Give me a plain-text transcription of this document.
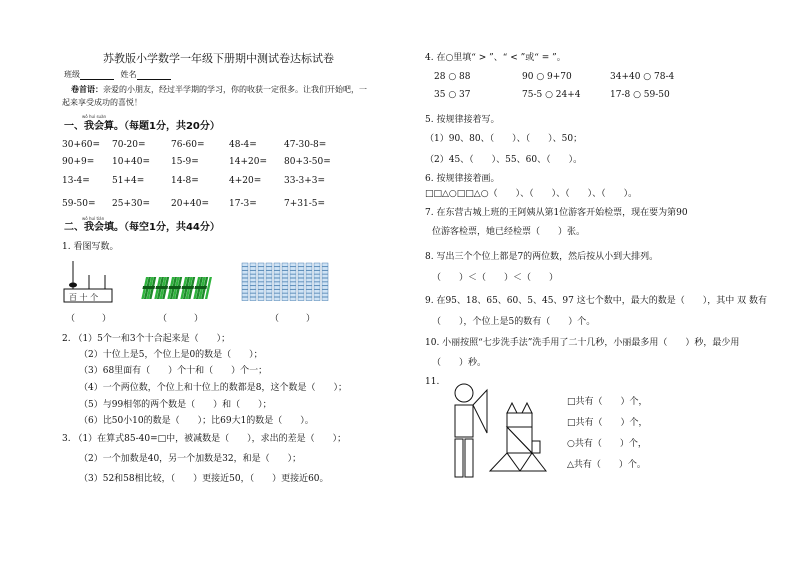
苏教版小学数学一年级下册期中测试卷达标试卷
班级	姓名
卷首语：亲爱的小朋友，经过半学期的学习，你的收获一定很多。让我们开始吧，一
起来享受成功的喜悦！
wǒ huì suàn
一、我会算。（每题1分，共20分）
30+60= 70-20=	76-60=	48-4=	47-30-8=
90+9= 10+40= 15-9=	14+20= 80+3-50=
13-4= 51+4=	14-8=	4+20=	33-3+3=
59-50= 25+30= 20+40= 17-3=	7+31-5=
wǒ huì tián
二、我会填。（每空1分，共44分）
1. 看图写数。
百 十 个
（　　　）	（　　　）	（　　　）
2. （1）5个一和3个十合起来是（　　）；
（2）十位上是5，个位上是0的数是（　　）；
（3）68里面有（　　）个十和（　　）个一；
（4）一个两位数，个位上和十位上的数都是8，这个数是（　　）；
（5）与99相邻的两个数是（　　）和（　　）；
（6）比50小10的数是（　　）；比69大1的数是（　　）。
3. （1）在算式85-40=□中，被减数是（　　），求出的差是（　　）；
（2）一个加数是40，另一个加数是32，和是（　　）；
（3）52和58相比较，（　　）更接近50，（　　）更接近60。
4. 在○里填“ > ”、“ < ”或“ = ”。
28 ○ 88	90 ○ 9+70	34+40 ○ 78-4
35 ○ 37	75-5 ○ 24+4	17-8 ○ 59-50
5. 按规律接着写。
（1）90、80、（　　）、（　　）、50；
（2）45、（　　）、55、60、（　　）。
6. 按规律接着画。
□□△○□□△○（　　）、（　　）、（　　）、（　　）。
7. 在东营古城上班的王阿姨从第1位游客开始检票，现在要为第90
位游客检票，她已经检票（　　）张。
8. 写出三个个位上都是7的两位数，然后按从小到大排列。
（　　）＜（　　）＜（　　）
9. 在95、18、65、60、5、45、97 这七个数中，最大的数是（　　），其中 双 数有
（　　），个位上是5的数有（　　）个。
10. 小丽按照“七步洗手法”洗手用了二十几秒，小丽最多用（　　）秒，最少用
（　　）秒。
11.
□共有（　　）个，
□共有（　　）个，
○共有（　　）个，
△共有（　　）个。
